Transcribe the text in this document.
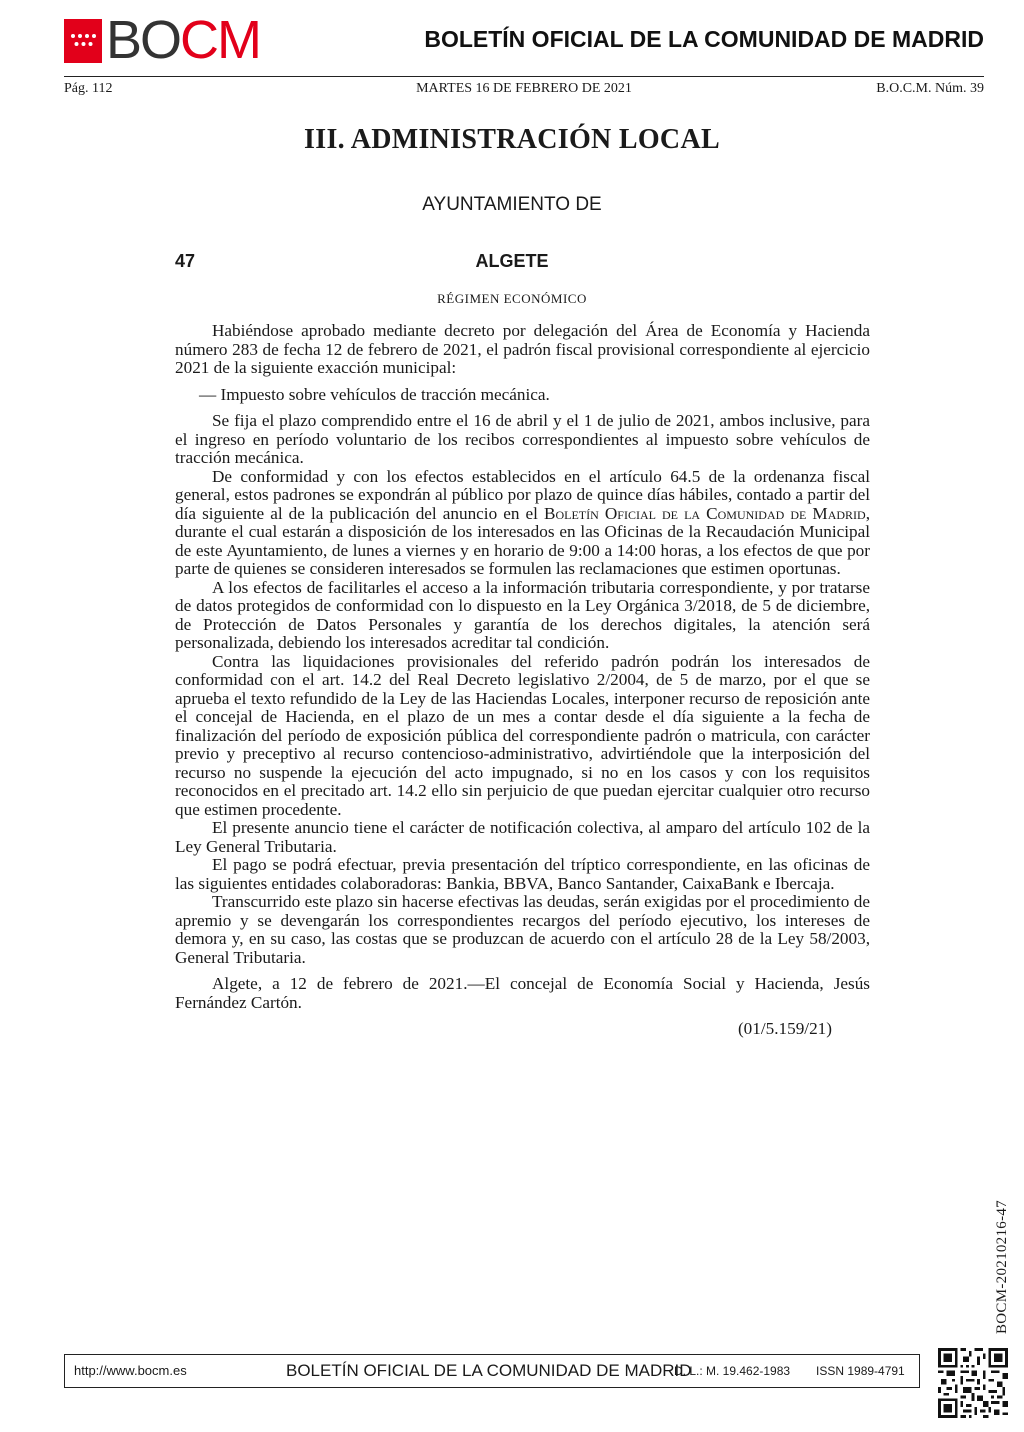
BOCM	BOLETÍN OFICIAL DE LA COMUNIDAD DE MADRID
Pág. 112	MARTES 16 DE FEBRERO DE 2021	B.O.C.M. Núm. 39
III. ADMINISTRACIÓN LOCAL
AYUNTAMIENTO DE
47	ALGETE
RÉGIMEN ECONÓMICO

Habiéndose aprobado mediante decreto por delegación del Área de Economía y Hacienda número 283 de fecha 12 de febrero de 2021, el padrón fiscal provisional correspondiente al ejercicio 2021 de la siguiente exacción municipal:

— Impuesto sobre vehículos de tracción mecánica.

Se fija el plazo comprendido entre el 16 de abril y el 1 de julio de 2021, ambos inclusive, para el ingreso en período voluntario de los recibos correspondientes al impuesto sobre vehículos de tracción mecánica.

De conformidad y con los efectos establecidos en el artículo 64.5 de la ordenanza fiscal general, estos padrones se expondrán al público por plazo de quince días hábiles, contado a partir del día siguiente al de la publicación del anuncio en el Boletín Oficial de la Comunidad de Madrid, durante el cual estarán a disposición de los interesados en las Oficinas de la Recaudación Municipal de este Ayuntamiento, de lunes a viernes y en horario de 9:00 a 14:00 horas, a los efectos de que por parte de quienes se consideren interesados se formulen las reclamaciones que estimen oportunas.

A los efectos de facilitarles el acceso a la información tributaria correspondiente, y por tratarse de datos protegidos de conformidad con lo dispuesto en la Ley Orgánica 3/2018, de 5 de diciembre, de Protección de Datos Personales y garantía de los derechos digitales, la atención será personalizada, debiendo los interesados acreditar tal condición.

Contra las liquidaciones provisionales del referido padrón podrán los interesados de conformidad con el art. 14.2 del Real Decreto legislativo 2/2004, de 5 de marzo, por el que se aprueba el texto refundido de la Ley de las Haciendas Locales, interponer recurso de reposición ante el concejal de Hacienda, en el plazo de un mes a contar desde el día siguiente a la fecha de finalización del período de exposición pública del correspondiente padrón o matricula, con carácter previo y preceptivo al recurso contencioso-administrativo, advirtiéndole que la interposición del recurso no suspende la ejecución del acto impugnado, si no en los casos y con los requisitos reconocidos en el precitado art. 14.2 ello sin perjuicio de que puedan ejercitar cualquier otro recurso que estimen procedente.

El presente anuncio tiene el carácter de notificación colectiva, al amparo del artículo 102 de la Ley General Tributaria.

El pago se podrá efectuar, previa presentación del tríptico correspondiente, en las oficinas de las siguientes entidades colaboradoras: Bankia, BBVA, Banco Santander, CaixaBank e Ibercaja.

Transcurrido este plazo sin hacerse efectivas las deudas, serán exigidas por el procedimiento de apremio y se devengarán los correspondientes recargos del período ejecutivo, los intereses de demora y, en su caso, las costas que se produzcan de acuerdo con el artículo 28 de la Ley 58/2003, General Tributaria.

Algete, a 12 de febrero de 2021.—El concejal de Economía Social y Hacienda, Jesús Fernández Cartón.

(01/5.159/21)

BOCM-20210216-47
http://www.bocm.es	BOLETÍN OFICIAL DE LA COMUNIDAD DE MADRID
D. L.: M. 19.462-1983 ISSN 1989-4791
